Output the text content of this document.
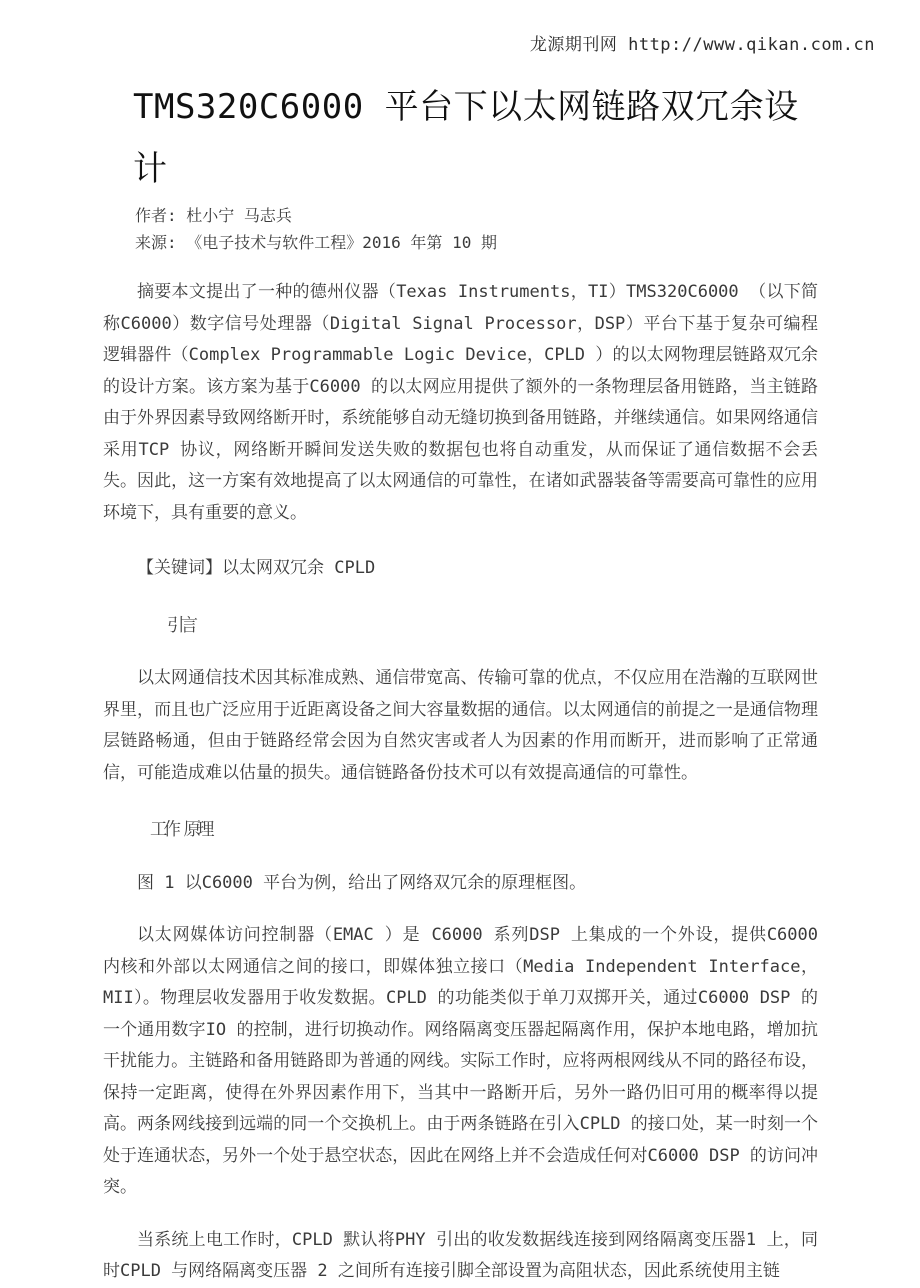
龙源期刊网 http://www.qikan.com.cn
TMS320C6000 平台下以太网链路双冗余设计
作者: 杜小宁 马志兵
来源: 《电子技术与软件工程》2016 年第 10 期

摘要本文提出了一种的德州仪器（Texas Instruments，TI）TMS320C6000 （以下简称C6000）数字信号处理器（Digital Signal Processor，DSP）平台下基于复杂可编程逻辑器件（Complex Programmable Logic Device，CPLD ）的以太网物理层链路双冗余的设计方案。该方案为基于C6000 的以太网应用提供了额外的一条物理层备用链路，当主链路由于外界因素导致网络断开时，系统能够自动无缝切换到备用链路，并继续通信。如果网络通信采用TCP 协议，网络断开瞬间发送失败的数据包也将自动重发，从而保证了通信数据不会丢失。因此，这一方案有效地提高了以太网通信的可靠性，在诸如武器装备等需要高可靠性的应用环境下，具有重要的意义。

【关键词】以太网双冗余 CPLD

引言

以太网通信技术因其标准成熟、通信带宽高、传输可靠的优点，不仅应用在浩瀚的互联网世界里，而且也广泛应用于近距离设备之间大容量数据的通信。以太网通信的前提之一是通信物理层链路畅通，但由于链路经常会因为自然灾害或者人为因素的作用而断开，进而影响了正常通信，可能造成难以估量的损失。通信链路备份技术可以有效提高通信的可靠性。

工作 原理

图 1 以C6000 平台为例，给出了网络双冗余的原理框图。

以太网媒体访问控制器（EMAC ）是 C6000 系列DSP 上集成的一个外设，提供C6000 内核和外部以太网通信之间的接口，即媒体独立接口（Media Independent Interface，MII）。物理层收发器用于收发数据。CPLD 的功能类似于单刀双掷开关，通过C6000 DSP 的一个通用数字IO 的控制，进行切换动作。网络隔离变压器起隔离作用，保护本地电路，增加抗干扰能力。主链路和备用链路即为普通的网线。实际工作时，应将两根网线从不同的路径布设，保持一定距离，使得在外界因素作用下，当其中一路断开后，另外一路仍旧可用的概率得以提高。两条网线接到远端的同一个交换机上。由于两条链路在引入CPLD 的接口处，某一时刻一个处于连通状态，另外一个处于悬空状态，因此在网络上并不会造成任何对C6000 DSP 的访问冲突。

当系统上电工作时，CPLD 默认将PHY 引出的收发数据线连接到网络隔离变压器1 上，同时CPLD 与网络隔离变压器 2 之间所有连接引脚全部设置为高阻状态，因此系统使用主链
